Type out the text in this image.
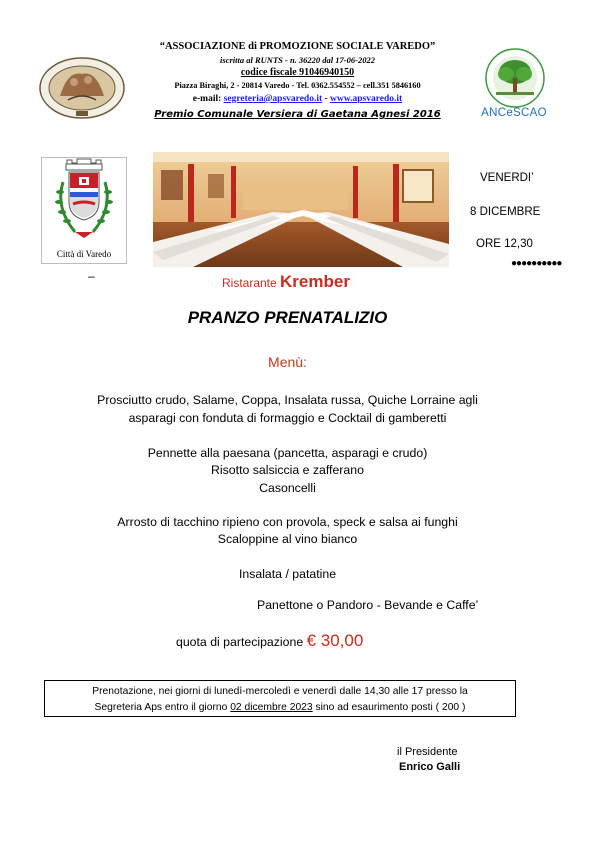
“ASSOCIAZIONE di PROMOZIONE SOCIALE VAREDO”
iscritta al RUNTS - n. 36220 dal 17-06-2022
codice fiscale 91046940150
Piazza Biraghi, 2 - 20814 Varedo - Tel. 0362.554552 – cell.351 5846160
e-mail: segreteria@apsvaredo.it - www.apsvaredo.it
Premio Comunale Versiera di Gaetana Agnesi 2016	ANCeSCAO
Città di Varedo
VENERDI’
8 DICEMBRE
ORE 12,30
●●●●●●●●●●
–	Ristarante Krember
PRANZO PRENATALIZIO
Menù:
Prosciutto crudo, Salame, Coppa, Insalata russa, Quiche Lorraine agli
asparagi con fonduta di formaggio e Cocktail di gamberetti
Pennette alla paesana (pancetta, asparagi e crudo)
Risotto salsiccia e zafferano
Casoncelli
Arrosto di tacchino ripieno con provola, speck e salsa ai funghi
Scaloppine al vino bianco
Insalata / patatine
Panettone o Pandoro - Bevande e Caffe’
quota di partecipazione € 30,00
Prenotazione, nei giorni di lunedì-mercoledì e venerdì dalle 14,30 alle 17 presso la
Segreteria Aps entro il giorno 02 dicembre 2023 sino ad esaurimento posti ( 200 )
il Presidente
Enrico Galli
